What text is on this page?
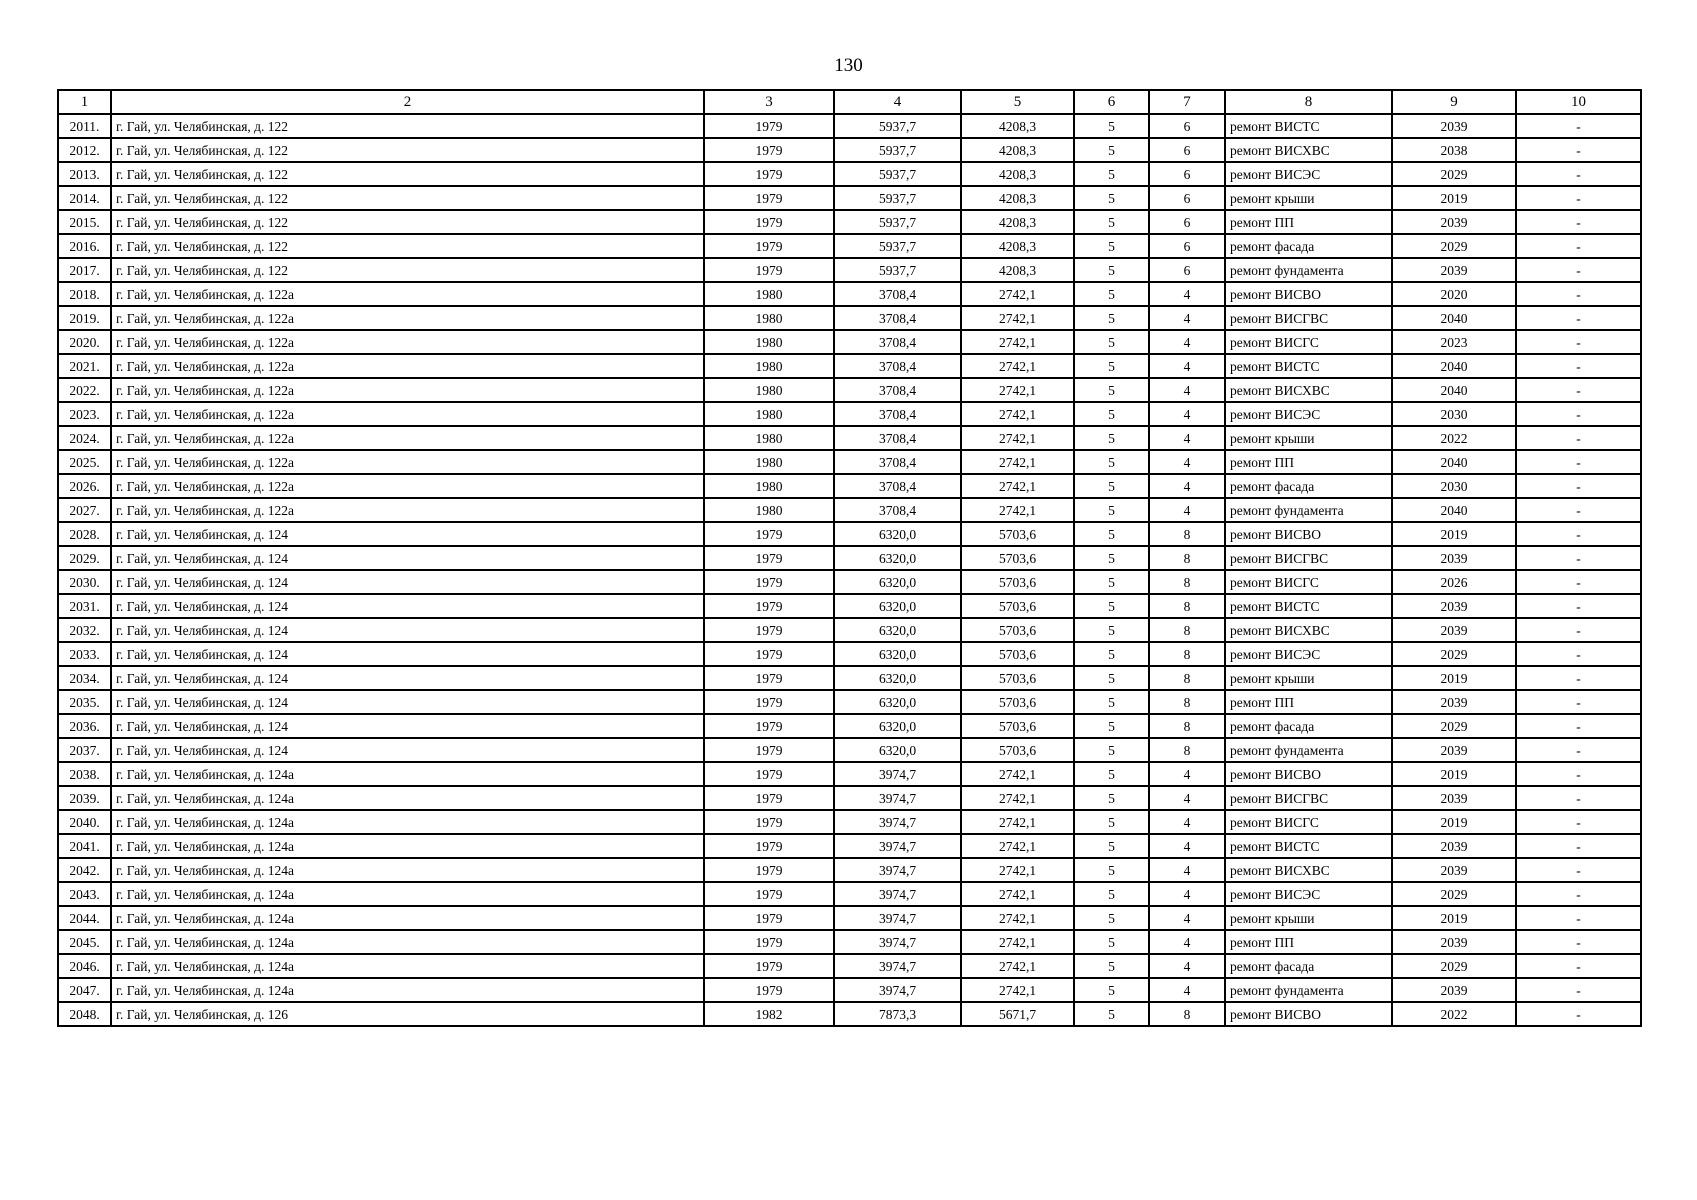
130
1	2	3	4	5	6	7	8	9	10
2011.	г. Гай, ул. Челябинская, д. 122	1979	5937,7	4208,3	5	6	ремонт ВИСТС	2039	-
2012.	г. Гай, ул. Челябинская, д. 122	1979	5937,7	4208,3	5	6	ремонт ВИСХВС	2038	-
2013.	г. Гай, ул. Челябинская, д. 122	1979	5937,7	4208,3	5	6	ремонт ВИСЭС	2029	-
2014.	г. Гай, ул. Челябинская, д. 122	1979	5937,7	4208,3	5	6	ремонт крыши	2019	-
2015.	г. Гай, ул. Челябинская, д. 122	1979	5937,7	4208,3	5	6	ремонт ПП	2039	-
2016.	г. Гай, ул. Челябинская, д. 122	1979	5937,7	4208,3	5	6	ремонт фасада	2029	-
2017.	г. Гай, ул. Челябинская, д. 122	1979	5937,7	4208,3	5	6	ремонт фундамента	2039	-
2018.	г. Гай, ул. Челябинская, д. 122а	1980	3708,4	2742,1	5	4	ремонт ВИСВО	2020	-
2019.	г. Гай, ул. Челябинская, д. 122а	1980	3708,4	2742,1	5	4	ремонт ВИСГВС	2040	-
2020.	г. Гай, ул. Челябинская, д. 122а	1980	3708,4	2742,1	5	4	ремонт ВИСГС	2023	-
2021.	г. Гай, ул. Челябинская, д. 122а	1980	3708,4	2742,1	5	4	ремонт ВИСТС	2040	-
2022.	г. Гай, ул. Челябинская, д. 122а	1980	3708,4	2742,1	5	4	ремонт ВИСХВС	2040	-
2023.	г. Гай, ул. Челябинская, д. 122а	1980	3708,4	2742,1	5	4	ремонт ВИСЭС	2030	-
2024.	г. Гай, ул. Челябинская, д. 122а	1980	3708,4	2742,1	5	4	ремонт крыши	2022	-
2025.	г. Гай, ул. Челябинская, д. 122а	1980	3708,4	2742,1	5	4	ремонт ПП	2040	-
2026.	г. Гай, ул. Челябинская, д. 122а	1980	3708,4	2742,1	5	4	ремонт фасада	2030	-
2027.	г. Гай, ул. Челябинская, д. 122а	1980	3708,4	2742,1	5	4	ремонт фундамента	2040	-
2028.	г. Гай, ул. Челябинская, д. 124	1979	6320,0	5703,6	5	8	ремонт ВИСВО	2019	-
2029.	г. Гай, ул. Челябинская, д. 124	1979	6320,0	5703,6	5	8	ремонт ВИСГВС	2039	-
2030.	г. Гай, ул. Челябинская, д. 124	1979	6320,0	5703,6	5	8	ремонт ВИСГС	2026	-
2031.	г. Гай, ул. Челябинская, д. 124	1979	6320,0	5703,6	5	8	ремонт ВИСТС	2039	-
2032.	г. Гай, ул. Челябинская, д. 124	1979	6320,0	5703,6	5	8	ремонт ВИСХВС	2039	-
2033.	г. Гай, ул. Челябинская, д. 124	1979	6320,0	5703,6	5	8	ремонт ВИСЭС	2029	-
2034.	г. Гай, ул. Челябинская, д. 124	1979	6320,0	5703,6	5	8	ремонт крыши	2019	-
2035.	г. Гай, ул. Челябинская, д. 124	1979	6320,0	5703,6	5	8	ремонт ПП	2039	-
2036.	г. Гай, ул. Челябинская, д. 124	1979	6320,0	5703,6	5	8	ремонт фасада	2029	-
2037.	г. Гай, ул. Челябинская, д. 124	1979	6320,0	5703,6	5	8	ремонт фундамента	2039	-
2038.	г. Гай, ул. Челябинская, д. 124а	1979	3974,7	2742,1	5	4	ремонт ВИСВО	2019	-
2039.	г. Гай, ул. Челябинская, д. 124а	1979	3974,7	2742,1	5	4	ремонт ВИСГВС	2039	-
2040.	г. Гай, ул. Челябинская, д. 124а	1979	3974,7	2742,1	5	4	ремонт ВИСГС	2019	-
2041.	г. Гай, ул. Челябинская, д. 124а	1979	3974,7	2742,1	5	4	ремонт ВИСТС	2039	-
2042.	г. Гай, ул. Челябинская, д. 124а	1979	3974,7	2742,1	5	4	ремонт ВИСХВС	2039	-
2043.	г. Гай, ул. Челябинская, д. 124а	1979	3974,7	2742,1	5	4	ремонт ВИСЭС	2029	-
2044.	г. Гай, ул. Челябинская, д. 124а	1979	3974,7	2742,1	5	4	ремонт крыши	2019	-
2045.	г. Гай, ул. Челябинская, д. 124а	1979	3974,7	2742,1	5	4	ремонт ПП	2039	-
2046.	г. Гай, ул. Челябинская, д. 124а	1979	3974,7	2742,1	5	4	ремонт фасада	2029	-
2047.	г. Гай, ул. Челябинская, д. 124а	1979	3974,7	2742,1	5	4	ремонт фундамента	2039	-
2048.	г. Гай, ул. Челябинская, д. 126	1982	7873,3	5671,7	5	8	ремонт ВИСВО	2022	-
